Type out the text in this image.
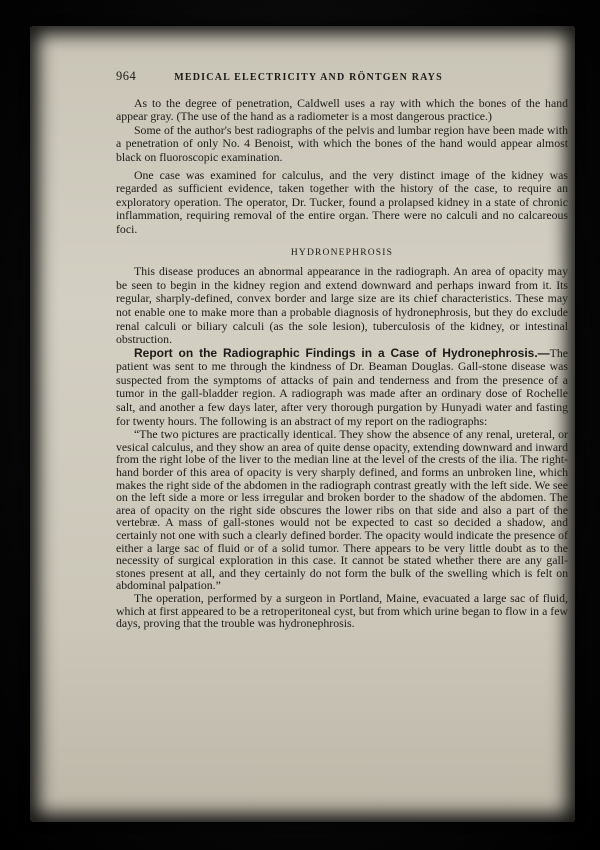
964	MEDICAL ELECTRICITY AND RÖNTGEN RAYS

As to the degree of penetration, Caldwell uses a ray with which the bones of the hand appear gray. (The use of the hand as a radiometer is a most dangerous practice.)

Some of the author's best radiographs of the pelvis and lumbar region have been made with a penetration of only No. 4 Benoist, with which the bones of the hand would appear almost black on fluoroscopic examination.

One case was examined for calculus, and the very distinct image of the kidney was regarded as sufficient evidence, taken together with the history of the case, to require an exploratory operation. The operator, Dr. Tucker, found a prolapsed kidney in a state of chronic inflammation, requiring removal of the entire organ. There were no calculi and no calcareous foci.

HYDRONEPHROSIS

This disease produces an abnormal appearance in the radiograph. An area of opacity may be seen to begin in the kidney region and extend downward and perhaps inward from it. Its regular, sharply-defined, convex border and large size are its chief characteristics. These may not enable one to make more than a probable diagnosis of hydronephrosis, but they do exclude renal calculi or biliary calculi (as the sole lesion), tuberculosis of the kidney, or intestinal obstruction.

Report on the Radiographic Findings in a Case of Hydronephrosis.—The patient was sent to me through the kindness of Dr. Beaman Douglas. Gall-stone disease was suspected from the symptoms of attacks of pain and tenderness and from the presence of a tumor in the gall-bladder region. A radiograph was made after an ordinary dose of Rochelle salt, and another a few days later, after very thorough purgation by Hunyadi water and fasting for twenty hours. The following is an abstract of my report on the radiographs:

“The two pictures are practically identical. They show the absence of any renal, ureteral, or vesical calculus, and they show an area of quite dense opacity, extending downward and inward from the right lobe of the liver to the median line at the level of the crests of the ilia. The right-hand border of this area of opacity is very sharply defined, and forms an unbroken line, which makes the right side of the abdomen in the radiograph contrast greatly with the left side. We see on the left side a more or less irregular and broken border to the shadow of the abdomen. The area of opacity on the right side obscures the lower ribs on that side and also a part of the vertebræ. A mass of gall-stones would not be expected to cast so decided a shadow, and certainly not one with such a clearly defined border. The opacity would indicate the presence of either a large sac of fluid or of a solid tumor. There appears to be very little doubt as to the necessity of surgical exploration in this case. It cannot be stated whether there are any gall-stones present at all, and they certainly do not form the bulk of the swelling which is felt on abdominal palpation.”

The operation, performed by a surgeon in Portland, Maine, evacuated a large sac of fluid, which at first appeared to be a retroperitoneal cyst, but from which urine began to flow in a few days, proving that the trouble was hydronephrosis.
